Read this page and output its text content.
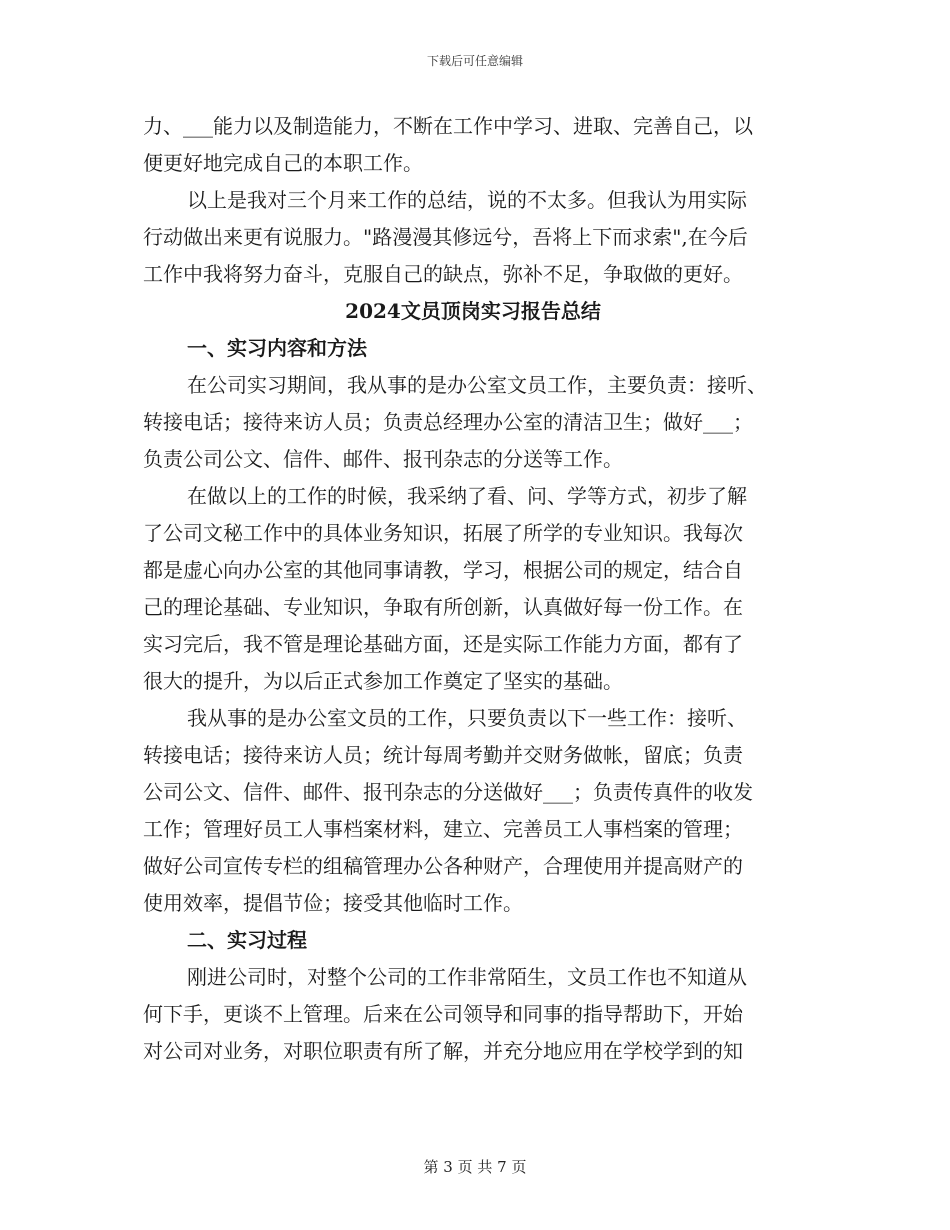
下载后可任意编辑
力、___能力以及制造能力，不断在工作中学习、进取、完善自己，以
便更好地完成自己的本职工作。
以上是我对三个月来工作的总结，说的不太多。但我认为用实际
行动做出来更有说服力。"路漫漫其修远兮，吾将上下而求索",在今后
工作中我将努力奋斗，克服自己的缺点，弥补不足，争取做的更好。
2024文员顶岗实习报告总结
一、实习内容和方法
在公司实习期间，我从事的是办公室文员工作，主要负责：接听、
转接电话；接待来访人员；负责总经理办公室的清洁卫生；做好___；
负责公司公文、信件、邮件、报刊杂志的分送等工作。
在做以上的工作的时候，我采纳了看、问、学等方式，初步了解
了公司文秘工作中的具体业务知识，拓展了所学的专业知识。我每次
都是虚心向办公室的其他同事请教，学习，根据公司的规定，结合自
己的理论基础、专业知识，争取有所创新，认真做好每一份工作。在
实习完后，我不管是理论基础方面，还是实际工作能力方面，都有了
很大的提升，为以后正式参加工作奠定了坚实的基础。
我从事的是办公室文员的工作，只要负责以下一些工作：接听、
转接电话；接待来访人员；统计每周考勤并交财务做帐，留底；负责
公司公文、信件、邮件、报刊杂志的分送做好___；负责传真件的收发
工作；管理好员工人事档案材料，建立、完善员工人事档案的管理；
做好公司宣传专栏的组稿管理办公各种财产，合理使用并提高财产的
使用效率，提倡节俭；接受其他临时工作。
二、实习过程
刚进公司时，对整个公司的工作非常陌生，文员工作也不知道从
何下手，更谈不上管理。后来在公司领导和同事的指导帮助下，开始
对公司对业务，对职位职责有所了解，并充分地应用在学校学到的知
第 3 页 共 7 页
